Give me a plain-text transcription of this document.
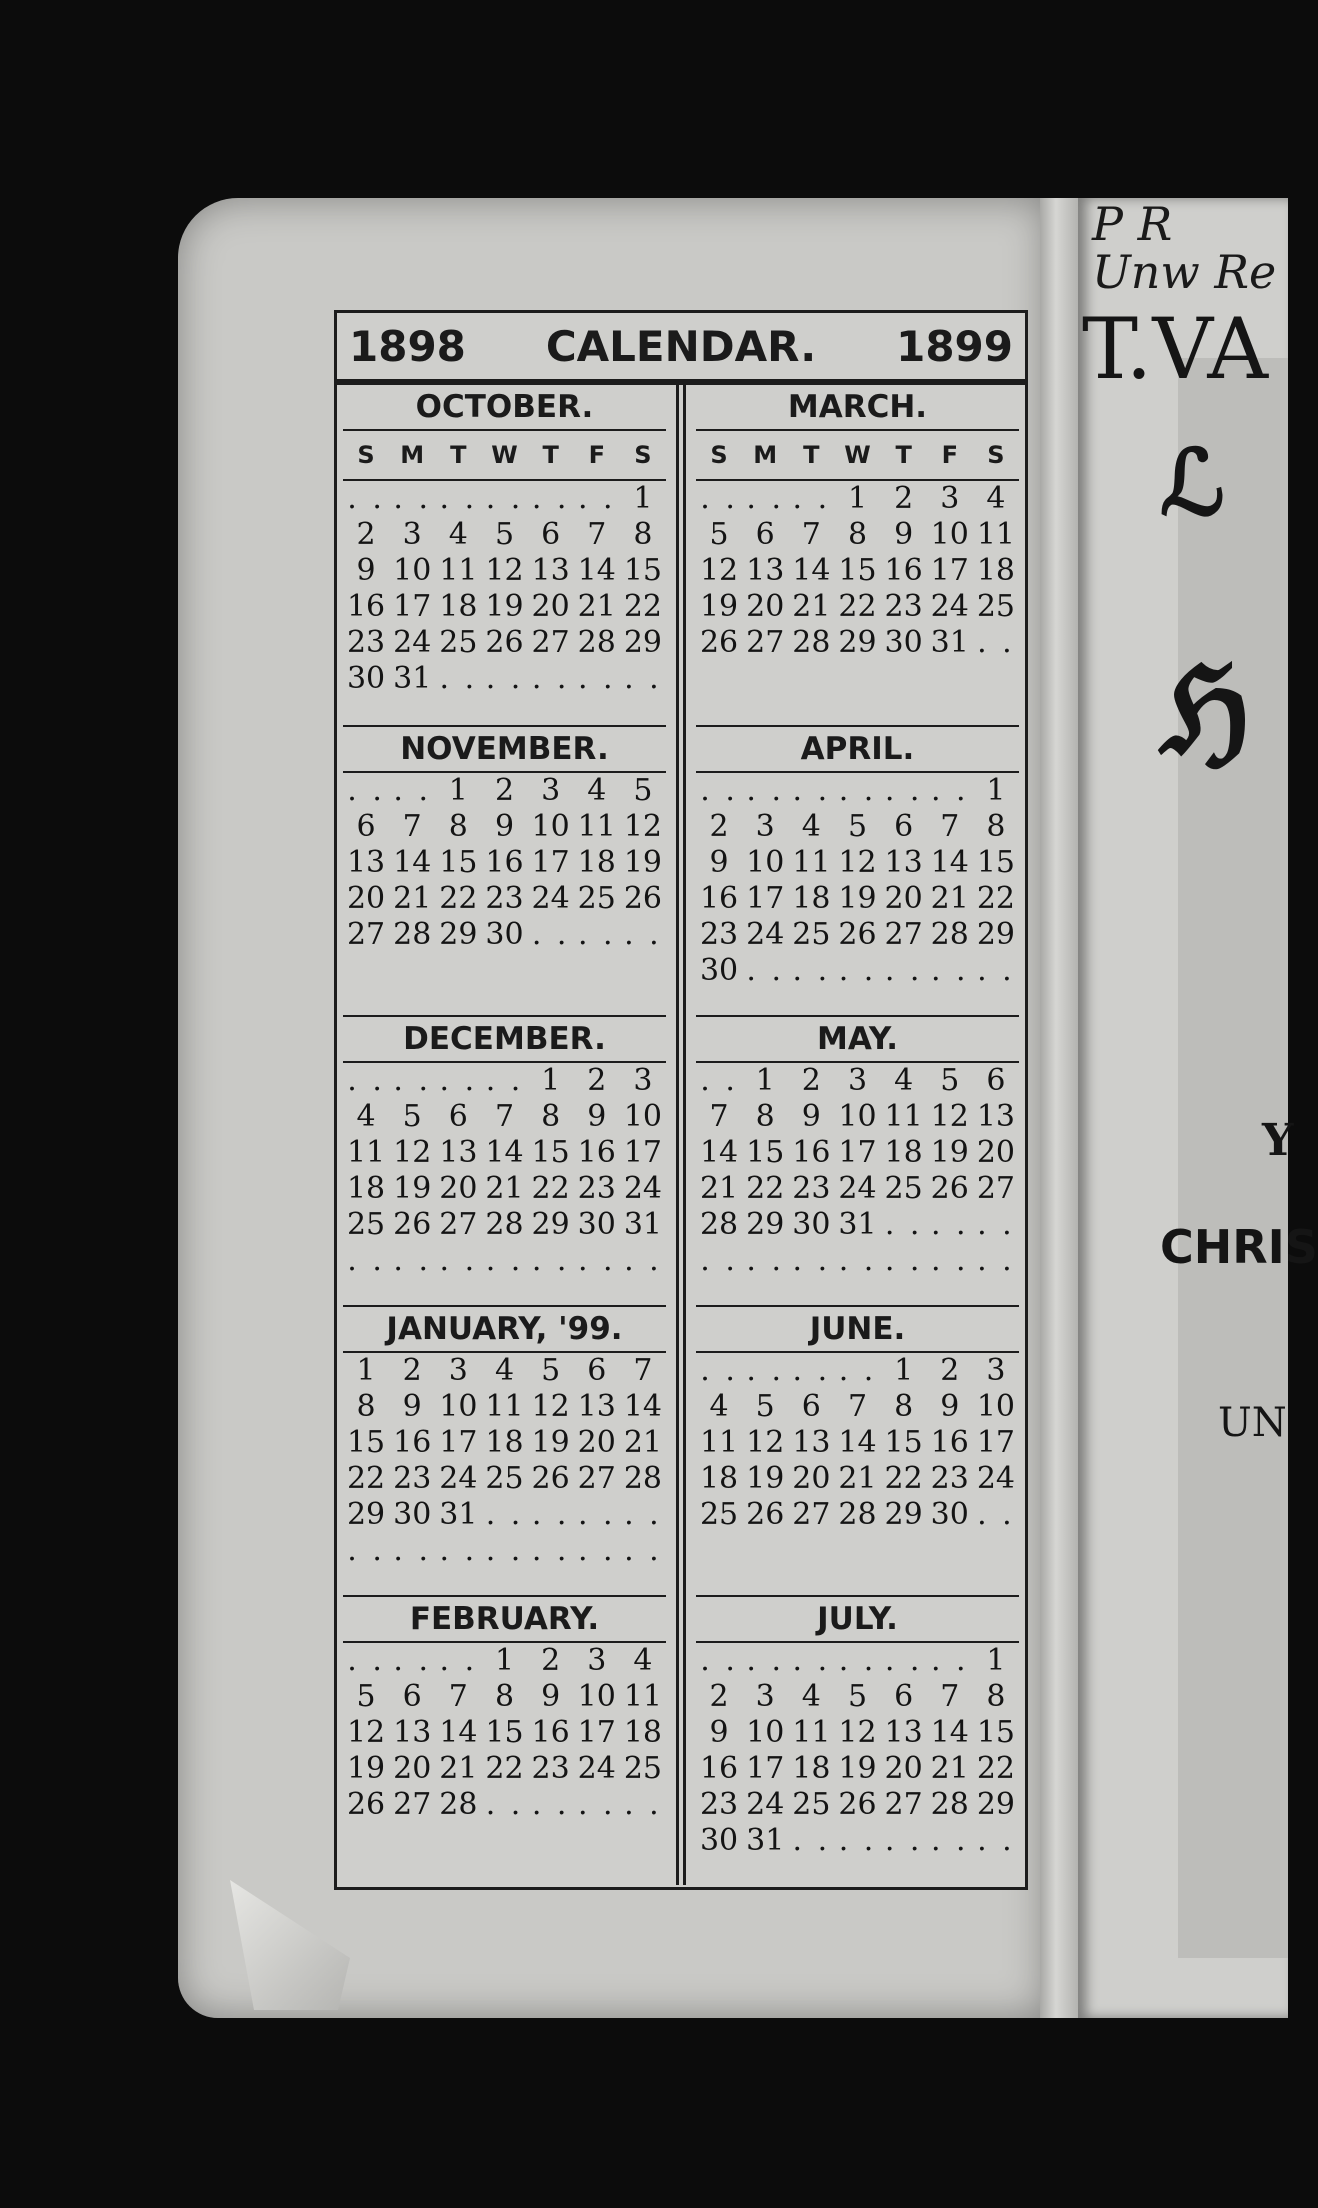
P R
Unw Re
T.VA
ℒ
ℌ
Y
CHRIS
UN
1898 CALENDAR. 1899
OCTOBER.
S	M	T	W	T	F	S
. . . . . . . . . . . . 1
2 3 4 5 6 7 8
9 10 11 12 13 14 15
16 17 18 19 20 21 22
23 24 25 26 27 28 29
30 31 . . . . . . . . . .
NOVEMBER.
. . . . 1 2 3 4 5
6 7 8 9 10 11 12
13 14 15 16 17 18 19
20 21 22 23 24 25 26
27 28 29 30 . . . . . .
DECEMBER.
. . . . . . . . 1 2 3
4 5 6 7 8 9 10
11 12 13 14 15 16 17
18 19 20 21 22 23 24
25 26 27 28 29 30 31
. . . . . . . . . . . . . .
JANUARY, '99.
1 2 3 4 5 6 7
8 9 10 11 12 13 14
15 16 17 18 19 20 21
22 23 24 25 26 27 28
29 30 31 . . . . . . . .
. . . . . . . . . . . . . .
FEBRUARY.
. . . . . . 1 2 3 4
5 6 7 8 9 10 11
12 13 14 15 16 17 18
19 20 21 22 23 24 25
26 27 28 . . . . . . . .
MARCH.
S	M	T	W	T	F	S
. . . . . . 1 2 3 4
5 6 7 8 9 10 11
12 13 14 15 16 17 18
19 20 21 22 23 24 25
26 27 28 29 30 31 . .
APRIL.
. . . . . . . . . . . . 1
2 3 4 5 6 7 8
9 10 11 12 13 14 15
16 17 18 19 20 21 22
23 24 25 26 27 28 29
30 . . . . . . . . . . . .
MAY.
. . 1 2 3 4 5 6
7 8 9 10 11 12 13
14 15 16 17 18 19 20
21 22 23 24 25 26 27
28 29 30 31 . . . . . .
. . . . . . . . . . . . . .
JUNE.
. . . . . . . . 1 2 3
4 5 6 7 8 9 10
11 12 13 14 15 16 17
18 19 20 21 22 23 24
25 26 27 28 29 30 . .
JULY.
. . . . . . . . . . . . 1
2 3 4 5 6 7 8
9 10 11 12 13 14 15
16 17 18 19 20 21 22
23 24 25 26 27 28 29
30 31 . . . . . . . . . .
